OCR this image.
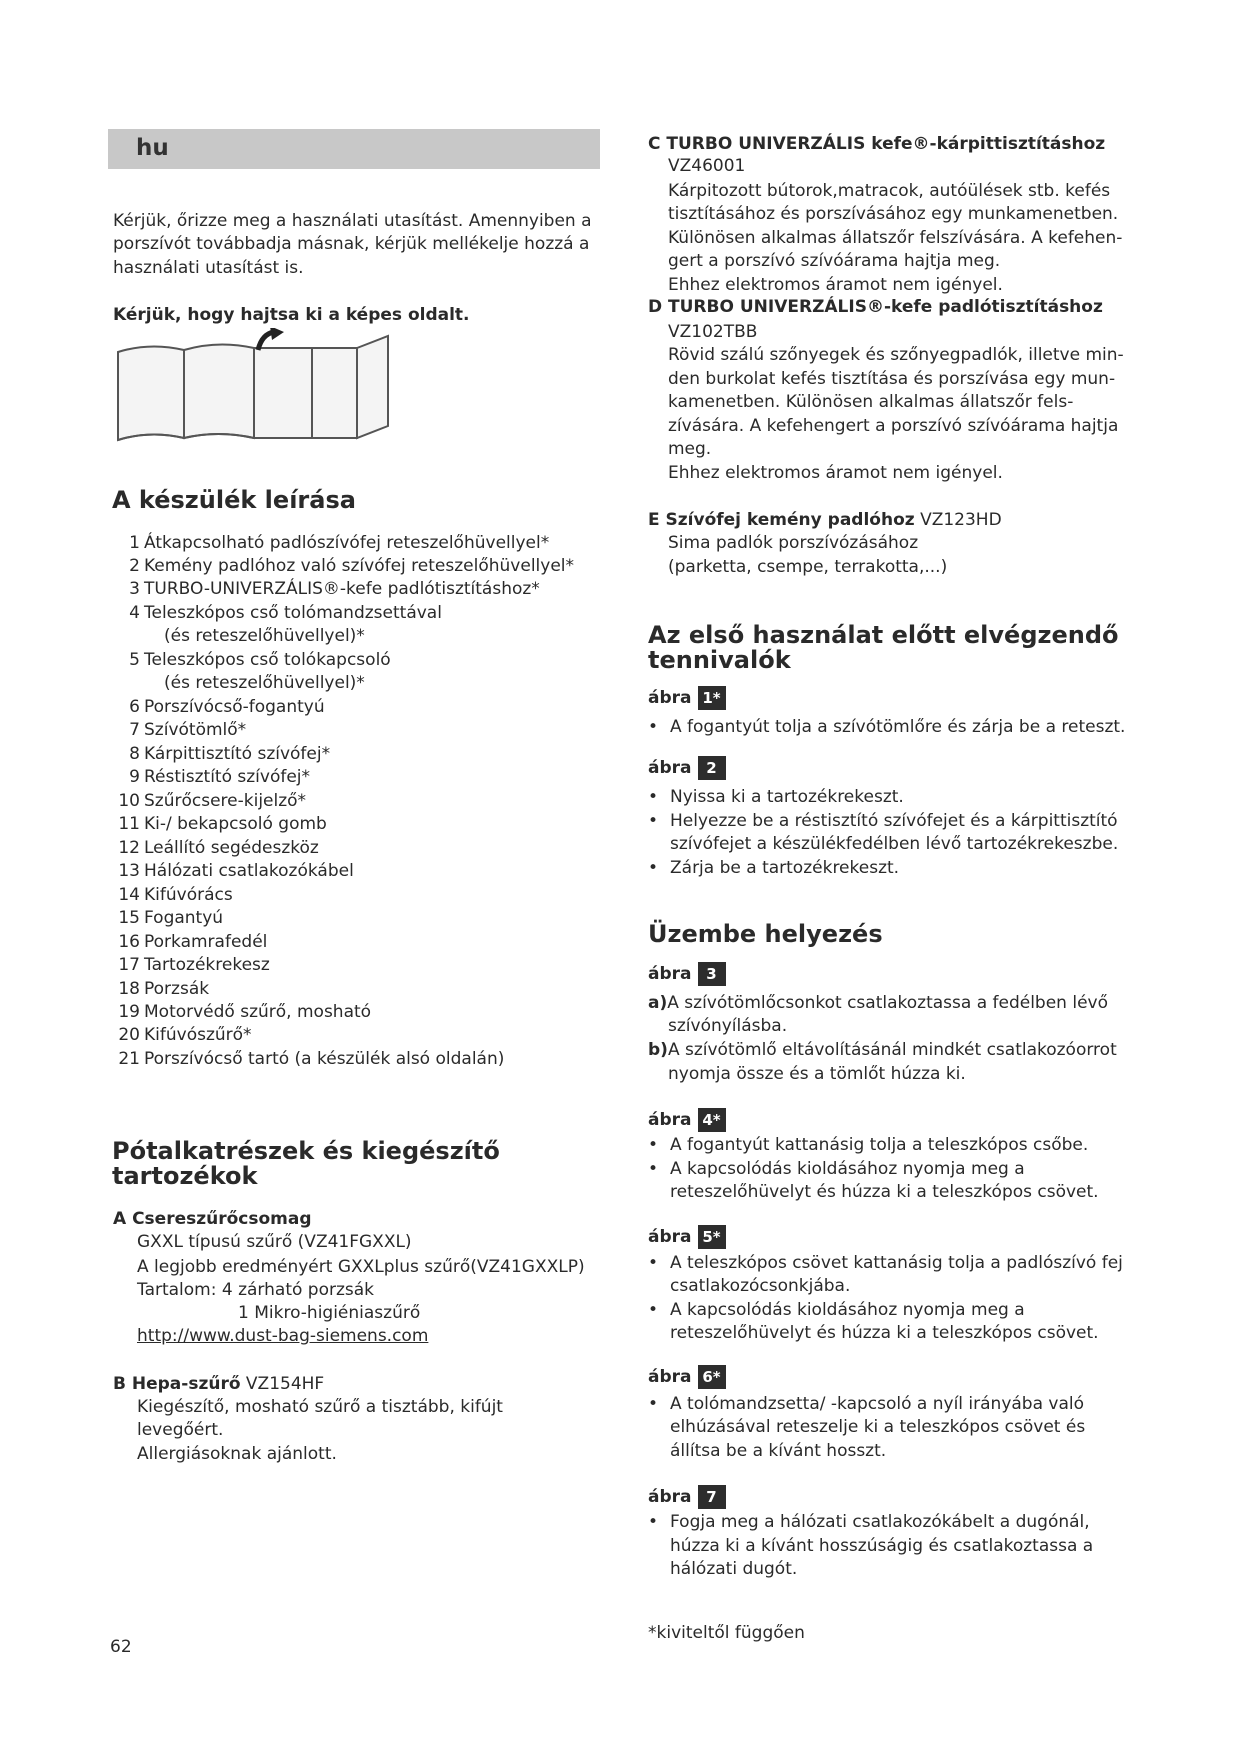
hu
Kérjük, őrizze meg a használati utasítást. Amennyiben a
porszívót továbbadja másnak, kérjük mellékelje hozzá a
használati utasítást is.
Kérjük, hogy hajtsa ki a képes oldalt.
A készülék leírása
1 Átkapcsolható padlószívófej reteszelőhüvellyel*
2 Kemény padlóhoz való szívófej reteszelőhüvellyel*
3 TURBO-UNIVERZÁLIS®-kefe padlótisztításhoz*
4 Teleszkópos cső tolómandzsettával
(és reteszelőhüvellyel)*
5 Teleszkópos cső tolókapcsoló
(és reteszelőhüvellyel)*
6 Porszívócső-fogantyú
7 Szívótömlő*
8 Kárpittisztító szívófej*
9 Réstisztító szívófej*
10 Szűrőcsere-kijelző*
11 Ki-/ bekapcsoló gomb
12 Leállító segédeszköz
13 Hálózati csatlakozókábel
14 Kifúvórács
15 Fogantyú
16 Porkamrafedél
17 Tartozékrekesz
18 Porzsák
19 Motorvédő szűrő, mosható
20 Kifúvószűrő*
21 Porszívócső tartó (a készülék alsó oldalán)
Pótalkatrészek és kiegészítő
tartozékok
A Csereszűrőcsomag
GXXL típusú szűrő (VZ41FGXXL)
A legjobb eredményért GXXLplus szűrő(VZ41GXXLP)
Tartalom: 4 zárható porzsák
1 Mikro-higiéniaszűrő
http://www.dust-bag-siemens.com
B Hepa-szűrő VZ154HF
Kiegészítő, mosható szűrő a tisztább, kifújt
levegőért.
Allergiásoknak ajánlott.
C TURBO UNIVERZÁLIS kefe®-kárpittisztításhoz
VZ46001
Kárpitozott bútorok,matracok, autóülések stb. kefés
tisztításához és porszívásához egy munkamenetben.
Különösen alkalmas állatszőr felszívására. A kefehen-
gert a porszívó szívóárama hajtja meg.
Ehhez elektromos áramot nem igényel.
D TURBO UNIVERZÁLIS®-kefe padlótisztításhoz
VZ102TBB
Rövid szálú szőnyegek és szőnyegpadlók, illetve min-
den burkolat kefés tisztítása és porszívása egy mun-
kamenetben. Különösen alkalmas állatszőr fels-
zívására. A kefehengert a porszívó szívóárama hajtja
meg.
Ehhez elektromos áramot nem igényel.
E Szívófej kemény padlóhoz VZ123HD
Sima padlók porszívózásához
(parketta, csempe, terrakotta,...)
Az első használat előtt elvégzendő
tennivalók
ábra 1*
• A fogantyút tolja a szívótömlőre és zárja be a reteszt.
ábra 2
• Nyissa ki a tartozékrekeszt.
• Helyezze be a réstisztító szívófejet és a kárpittisztító
szívófejet a készülékfedélben lévő tartozékrekeszbe.
• Zárja be a tartozékrekeszt.
Üzembe helyezés
ábra 3
a)A szívótömlőcsonkot csatlakoztassa a fedélben lévő
szívónyílásba.
b)A szívótömlő eltávolításánál mindkét csatlakozóorrot
nyomja össze és a tömlőt húzza ki.
ábra 4*
• A fogantyút kattanásig tolja a teleszkópos csőbe.
• A kapcsolódás kioldásához nyomja meg a
reteszelőhüvelyt és húzza ki a teleszkópos csövet.
ábra 5*
• A teleszkópos csövet kattanásig tolja a padlószívó fej
csatlakozócsonkjába.
• A kapcsolódás kioldásához nyomja meg a
reteszelőhüvelyt és húzza ki a teleszkópos csövet.
ábra 6*
• A tolómandzsetta/ -kapcsoló a nyíl irányába való
elhúzásával reteszelje ki a teleszkópos csövet és
állítsa be a kívánt hosszt.
ábra 7
• Fogja meg a hálózati csatlakozókábelt a dugónál,
húzza ki a kívánt hosszúságig és csatlakoztassa a
hálózati dugót.
*kiviteltől függően
62
